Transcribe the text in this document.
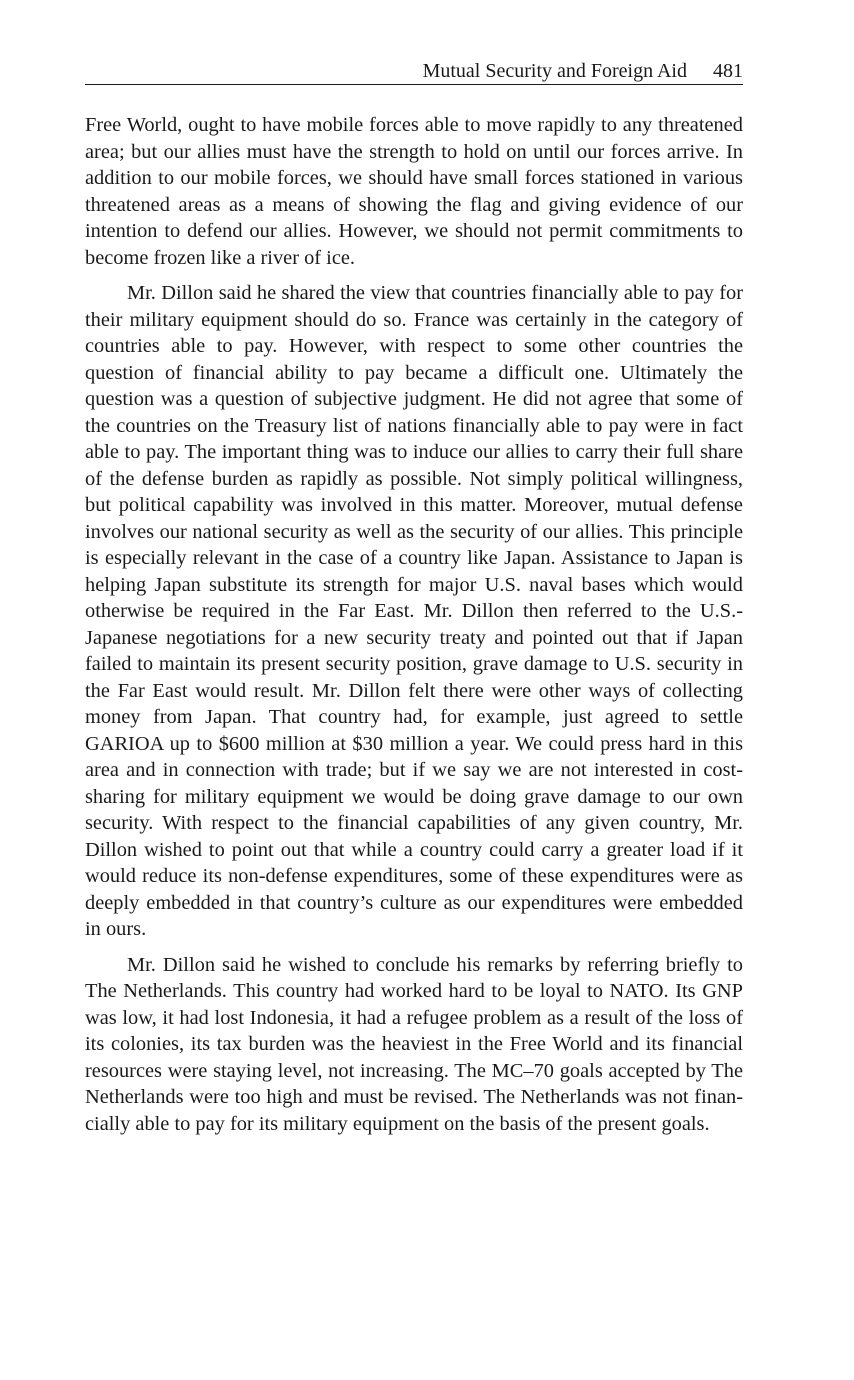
Mutual Security and Foreign Aid 481

Free World, ought to have mobile forces able to move rapidly to any threatened area; but our allies must have the strength to hold on until our forces arrive. In addition to our mobile forces, we should have small forces stationed in various threatened areas as a means of showing the flag and giving evidence of our intention to defend our allies. However, we should not permit commitments to become frozen like a river of ice.

Mr. Dillon said he shared the view that countries financially able to pay for their military equipment should do so. France was certainly in the category of countries able to pay. However, with respect to some other countries the question of financial ability to pay became a difficult one. Ultimately the question was a question of subjective judgment. He did not agree that some of the countries on the Treasury list of nations financially able to pay were in fact able to pay. The important thing was to induce our allies to carry their full share of the defense burden as rapidly as possible. Not simply political willingness, but political capability was involved in this matter. Moreover, mutual defense involves our national security as well as the security of our allies. This principle is especially relevant in the case of a country like Japan. Assistance to Japan is helping Japan substitute its strength for major U.S. naval bases which would otherwise be required in the Far East. Mr. Dillon then referred to the U.S.-Japanese negotiations for a new security treaty and pointed out that if Japan failed to maintain its present security position, grave damage to U.S. security in the Far East would result. Mr. Dillon felt there were other ways of collecting money from Japan. That country had, for example, just agreed to settle GARIOA up to $600 million at $30 million a year. We could press hard in this area and in connection with trade; but if we say we are not interested in cost-sharing for military equipment we would be doing grave damage to our own security. With respect to the financial capabilities of any given country, Mr. Dillon wished to point out that while a country could carry a greater load if it would reduce its non-defense expenditures, some of these expenditures were as deeply embedded in that country’s culture as our expenditures were embedded in ours.

Mr. Dillon said he wished to conclude his remarks by referring briefly to The Netherlands. This country had worked hard to be loyal to NATO. Its GNP was low, it had lost Indonesia, it had a refugee problem as a result of the loss of its colonies, its tax burden was the heaviest in the Free World and its financial resources were staying level, not increasing. The MC–70 goals accepted by The Netherlands were too high and must be revised. The Netherlands was not financially able to pay for its military equipment on the basis of the present goals.
